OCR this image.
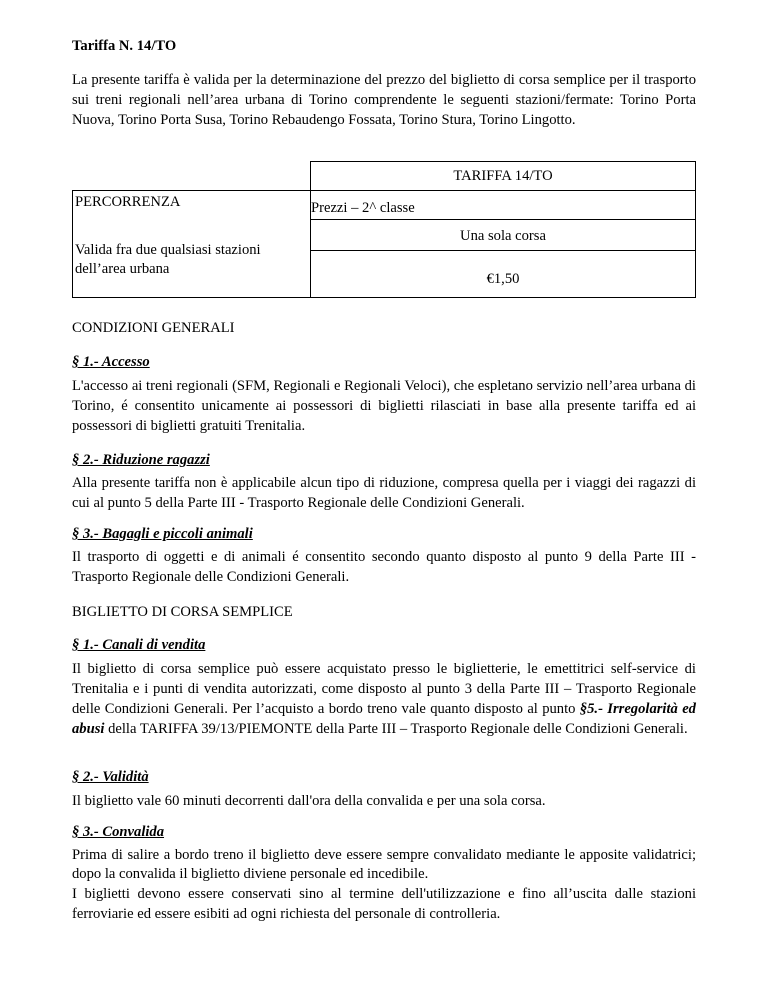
Tariffa N. 14/TO

La presente tariffa è valida per la determinazione del prezzo del biglietto di corsa semplice per il trasporto sui treni regionali nell’area urbana di Torino comprendente le seguenti stazioni/fermate: Torino Porta Nuova, Torino Porta Susa, Torino Rebaudengo Fossata, Torino Stura, Torino Lingotto.

TARIFFA 14/TO
PERCORRENZA
Valida fra due qualsiasi stazioni dell’area urbana
Prezzi – 2^ classe
Una sola corsa
€1,50

CONDIZIONI GENERALI

§ 1.- Accesso

L'accesso ai treni regionali (SFM, Regionali e Regionali Veloci), che espletano servizio nell’area urbana di Torino, é consentito unicamente ai possessori di biglietti rilasciati in base alla presente tariffa ed ai possessori di biglietti gratuiti Trenitalia.

§ 2.- Riduzione ragazzi

Alla presente tariffa non è applicabile alcun tipo di riduzione, compresa quella per i viaggi dei ragazzi di cui al punto 5 della Parte III - Trasporto Regionale delle Condizioni Generali.

§ 3.- Bagagli e piccoli animali

Il trasporto di oggetti e di animali é consentito secondo quanto disposto al punto 9 della Parte III - Trasporto Regionale delle Condizioni Generali.

BIGLIETTO DI CORSA SEMPLICE

§ 1.- Canali di vendita

Il biglietto di corsa semplice può essere acquistato presso le biglietterie, le emettitrici self-service di Trenitalia e i punti di vendita autorizzati, come disposto al punto 3 della Parte III – Trasporto Regionale delle Condizioni Generali. Per l’acquisto a bordo treno vale quanto disposto al punto §5.- Irregolarità ed abusi della TARIFFA 39/13/PIEMONTE della Parte III – Trasporto Regionale delle Condizioni Generali.

§ 2.- Validità

Il biglietto vale 60 minuti decorrenti dall'ora della convalida e per una sola corsa.

§ 3.- Convalida

Prima di salire a bordo treno il biglietto deve essere sempre convalidato mediante le apposite validatrici; dopo la convalida il biglietto diviene personale ed incedibile.

I biglietti devono essere conservati sino al termine dell'utilizzazione e fino all’uscita dalle stazioni ferroviarie ed essere esibiti ad ogni richiesta del personale di controlleria.
